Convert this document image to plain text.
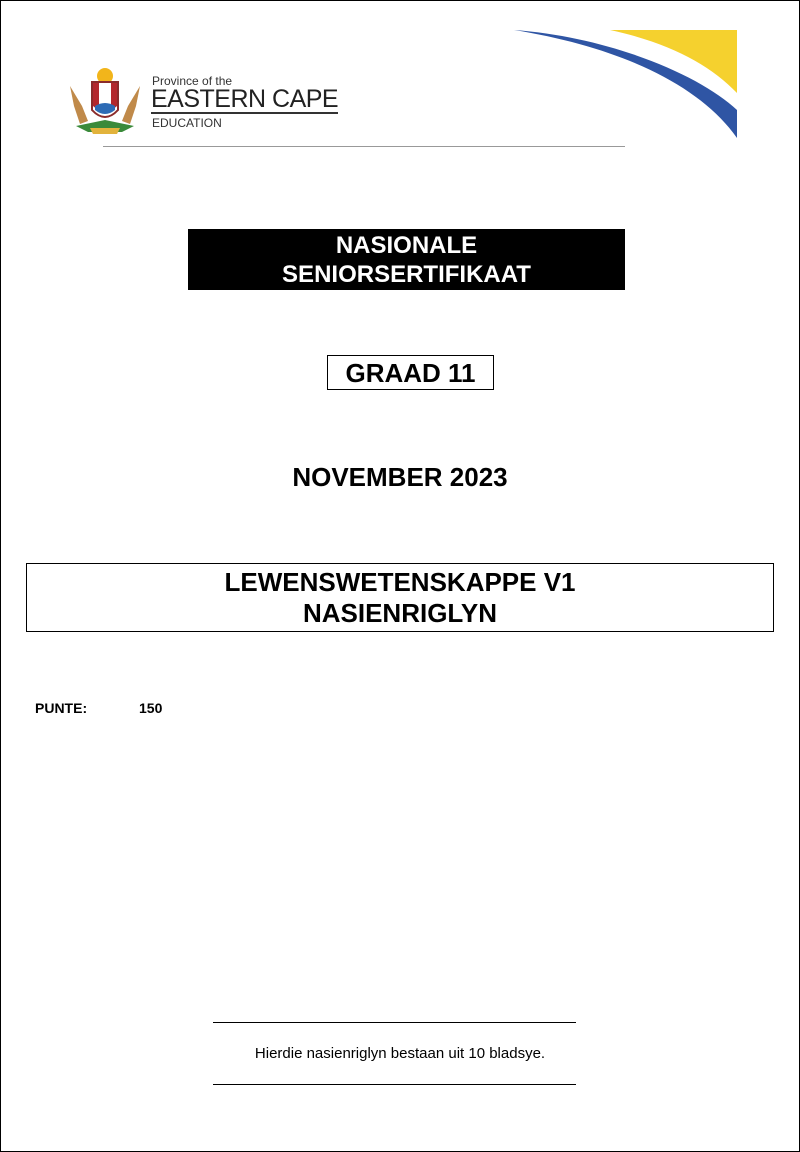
Province of the
EASTERN CAPE
EDUCATION
NASIONALE
SENIORSERTIFIKAAT
GRAAD 11
NOVEMBER 2023
LEWENSWETENSKAPPE V1
NASIENRIGLYN
PUNTE:	150
Hierdie nasienriglyn bestaan uit 10 bladsye.
